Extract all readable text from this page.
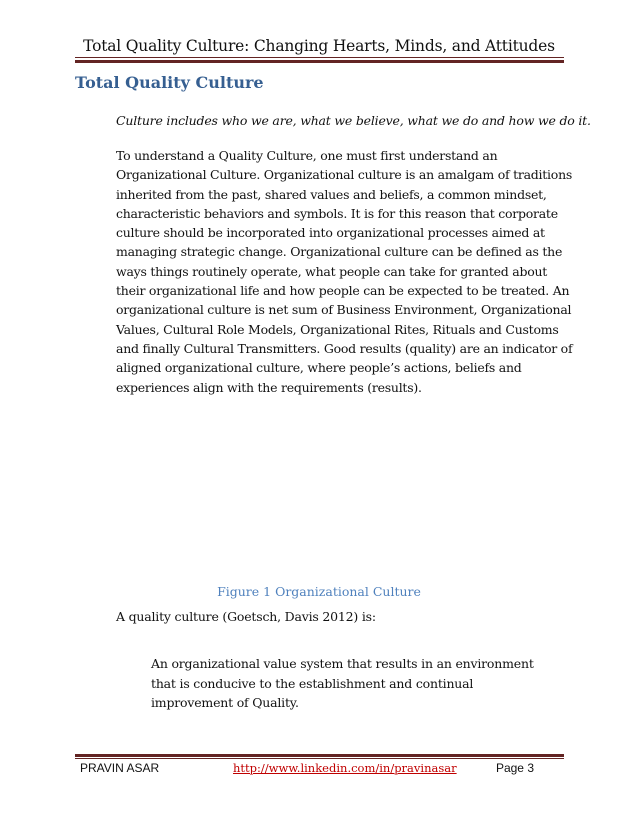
Total Quality Culture: Changing Hearts, Minds, and Attitudes
Total Quality Culture
Culture includes who we are, what we believe, what we do and how we do it.
To understand a Quality Culture, one must first understand an Organizational Culture. Organizational culture is an amalgam of traditions inherited from the past, shared values and beliefs, a common mindset, characteristic behaviors and symbols. It is for this reason that corporate culture should be incorporated into organizational processes aimed at managing strategic change. Organizational culture can be defined as the ways things routinely operate, what people can take for granted about their organizational life and how people can be expected to be treated. An organizational culture is net sum of Business Environment, Organizational Values, Cultural Role Models, Organizational Rites, Rituals and Customs and finally Cultural Transmitters. Good results (quality) are an indicator of aligned organizational culture, where people’s actions, beliefs and experiences align with the requirements (results).
Figure 1 Organizational Culture
A quality culture (Goetsch, Davis 2012) is:
An organizational value system that results in an environment that is conducive to the establishment and continual improvement of Quality.
PRAVIN ASAR	http://www.linkedin.com/in/pravinasar	Page 3
